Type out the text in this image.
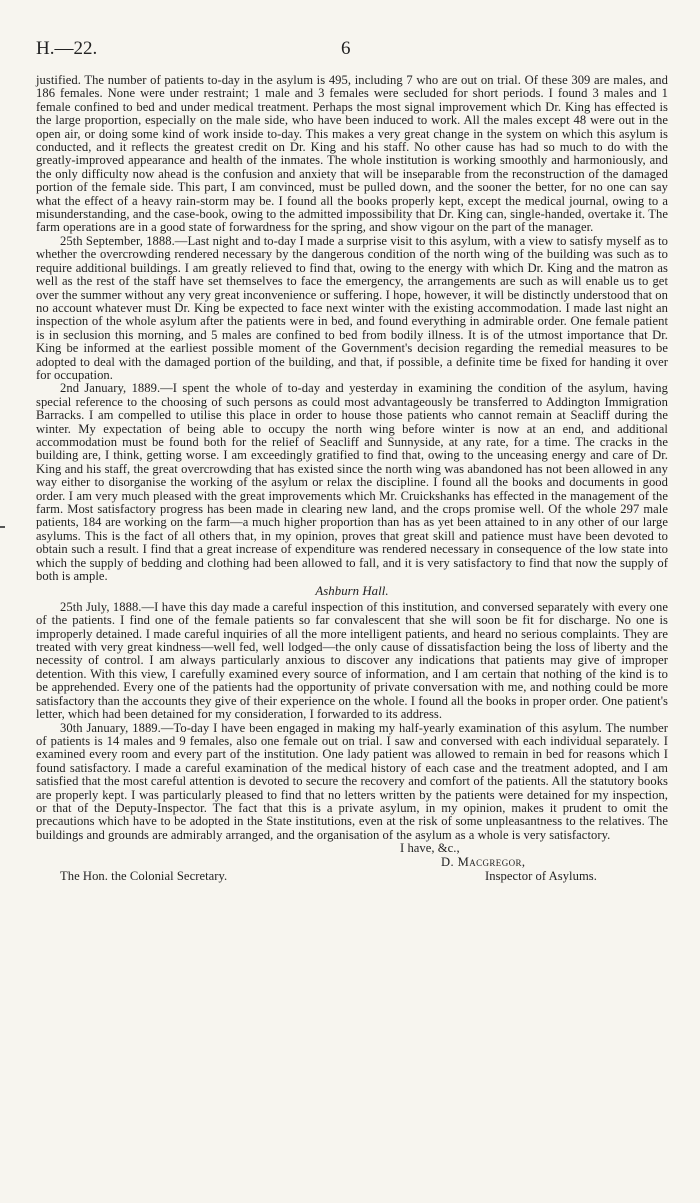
H.—22.	6

justified. The number of patients to-day in the asylum is 495, including 7 who are out on trial. Of these 309 are males, and 186 females. None were under restraint; 1 male and 3 females were secluded for short periods. I found 3 males and 1 female confined to bed and under medical treatment. Perhaps the most signal improvement which Dr. King has effected is the large proportion, especially on the male side, who have been induced to work. All the males except 48 were out in the open air, or doing some kind of work inside to-day. This makes a very great change in the system on which this asylum is conducted, and it reflects the greatest credit on Dr. King and his staff. No other cause has had so much to do with the greatly-improved appearance and health of the inmates. The whole institution is working smoothly and harmoniously, and the only difficulty now ahead is the confusion and anxiety that will be inseparable from the reconstruction of the damaged portion of the female side. This part, I am convinced, must be pulled down, and the sooner the better, for no one can say what the effect of a heavy rain-storm may be. I found all the books properly kept, except the medical journal, owing to a misunderstanding, and the case-book, owing to the admitted impossibility that Dr. King can, single-handed, overtake it. The farm operations are in a good state of forwardness for the spring, and show vigour on the part of the manager.

25th September, 1888.—Last night and to-day I made a surprise visit to this asylum, with a view to satisfy myself as to whether the overcrowding rendered necessary by the dangerous condition of the north wing of the building was such as to require additional buildings. I am greatly relieved to find that, owing to the energy with which Dr. King and the matron as well as the rest of the staff have set themselves to face the emergency, the arrangements are such as will enable us to get over the summer without any very great inconvenience or suffering. I hope, however, it will be distinctly understood that on no account whatever must Dr. King be expected to face next winter with the existing accommodation. I made last night an inspection of the whole asylum after the patients were in bed, and found everything in admirable order. One female patient is in seclusion this morning, and 5 males are confined to bed from bodily illness. It is of the utmost importance that Dr. King be informed at the earliest possible moment of the Government's decision regarding the remedial measures to be adopted to deal with the damaged portion of the building, and that, if possible, a definite time be fixed for handing it over for occupation.

2nd January, 1889.—I spent the whole of to-day and yesterday in examining the condition of the asylum, having special reference to the choosing of such persons as could most advantageously be transferred to Addington Immigration Barracks. I am compelled to utilise this place in order to house those patients who cannot remain at Seacliff during the winter. My expectation of being able to occupy the north wing before winter is now at an end, and additional accommodation must be found both for the relief of Seacliff and Sunnyside, at any rate, for a time. The cracks in the building are, I think, getting worse. I am exceedingly gratified to find that, owing to the unceasing energy and care of Dr. King and his staff, the great overcrowding that has existed since the north wing was abandoned has not been allowed in any way either to disorganise the working of the asylum or relax the discipline. I found all the books and documents in good order. I am very much pleased with the great improvements which Mr. Cruickshanks has effected in the management of the farm. Most satisfactory progress has been made in clearing new land, and the crops promise well. Of the whole 297 male patients, 184 are working on the farm—a much higher proportion than has as yet been attained to in any other of our large asylums. This is the fact of all others that, in my opinion, proves that great skill and patience must have been devoted to obtain such a result. I find that a great increase of expenditure was rendered necessary in consequence of the low state into which the supply of bedding and clothing had been allowed to fall, and it is very satisfactory to find that now the supply of both is ample.

Ashburn Hall.

25th July, 1888.—I have this day made a careful inspection of this institution, and conversed separately with every one of the patients. I find one of the female patients so far convalescent that she will soon be fit for discharge. No one is improperly detained. I made careful inquiries of all the more intelligent patients, and heard no serious complaints. They are treated with very great kindness—well fed, well lodged—the only cause of dissatisfaction being the loss of liberty and the necessity of control. I am always particularly anxious to discover any indications that patients may give of improper detention. With this view, I carefully examined every source of information, and I am certain that nothing of the kind is to be apprehended. Every one of the patients had the opportunity of private conversation with me, and nothing could be more satisfactory than the accounts they give of their experience on the whole. I found all the books in proper order. One patient's letter, which had been detained for my consideration, I forwarded to its address.

30th January, 1889.—To-day I have been engaged in making my half-yearly examination of this asylum. The number of patients is 14 males and 9 females, also one female out on trial. I saw and conversed with each individual separately. I examined every room and every part of the institution. One lady patient was allowed to remain in bed for reasons which I found satisfactory. I made a careful examination of the medical history of each case and the treatment adopted, and I am satisfied that the most careful attention is devoted to secure the recovery and comfort of the patients. All the statutory books are properly kept. I was particularly pleased to find that no letters written by the patients were detained for my inspection, or that of the Deputy-Inspector. The fact that this is a private asylum, in my opinion, makes it prudent to omit the precautions which have to be adopted in the State institutions, even at the risk of some unpleasantness to the relatives. The buildings and grounds are admirably arranged, and the organisation of the asylum as a whole is very satisfactory.

I have, &c.,
D. Macgregor,
Inspector of Asylums.
The Hon. the Colonial Secretary.
